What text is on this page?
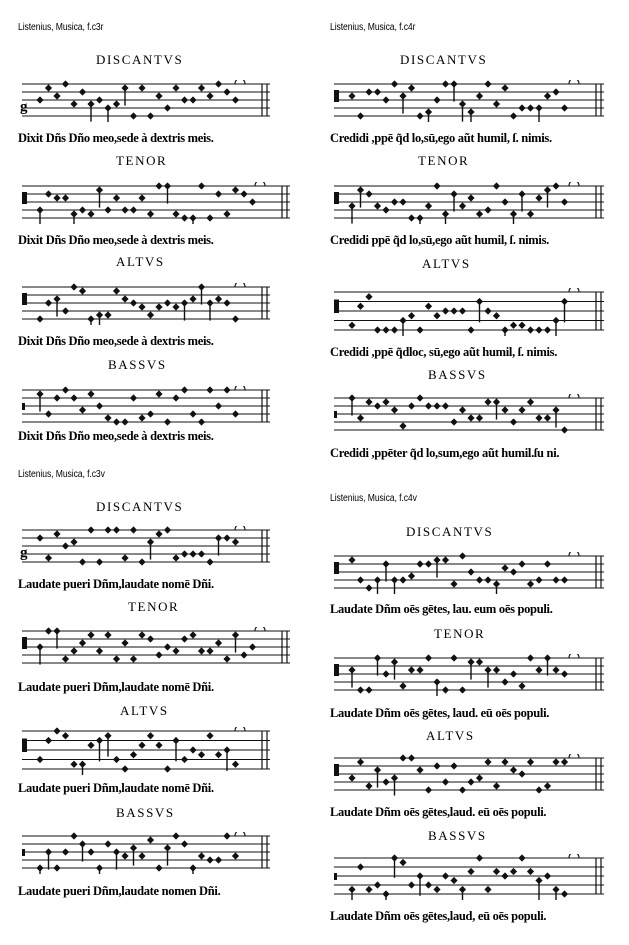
Listenius, Musica, f.c3r
DISCANTVS
g
Dixit Dñs Dño meo,sede à dextris meis.
TENOR
Dixit Dñs Dño meo,sede à dextris meis.
ALTVS
Dixit Dñs Dño meo,sede à dextris meis.
BASSVS
Dixit Dñs Dño meo,sede à dextris meis.
Listenius, Musica, f.c4r
DISCANTVS
Credidi ,ppē q̃d lo,sū,ego aũt humil, ſ. nimis.
TENOR
Credidi ppē q̃d lo,sū,ego aũt humil, ſ. nimis.
ALTVS
Credidi ,ppē q̃dloc, sū,ego aũt humil, ſ. nimis.
BASSVS
Credidi ,ppēter q̃d lo,sum,ego aũt humil.ſu ni.
Listenius, Musica, f.c3v
DISCANTVS
g
Laudate pueri Dñm,laudate nomē Dñi.
TENOR
Laudate pueri Dñm,laudate nomē Dñi.
ALTVS
Laudate pueri Dñm,laudate nomē Dñi.
BASSVS
Laudate pueri Dñm,laudate nomen Dñi.
Listenius, Musica, f.c4v
DISCANTVS
Laudate Dñm oēs gētes, lau. eum oēs populi.
TENOR
Laudate Dñm oēs gētes, laud. eū oēs populi.
ALTVS
Laudate Dñm oēs gētes,laud. eū oēs populi.
BASSVS
Laudate Dñm oēs gētes,laud, eū oēs populi.
